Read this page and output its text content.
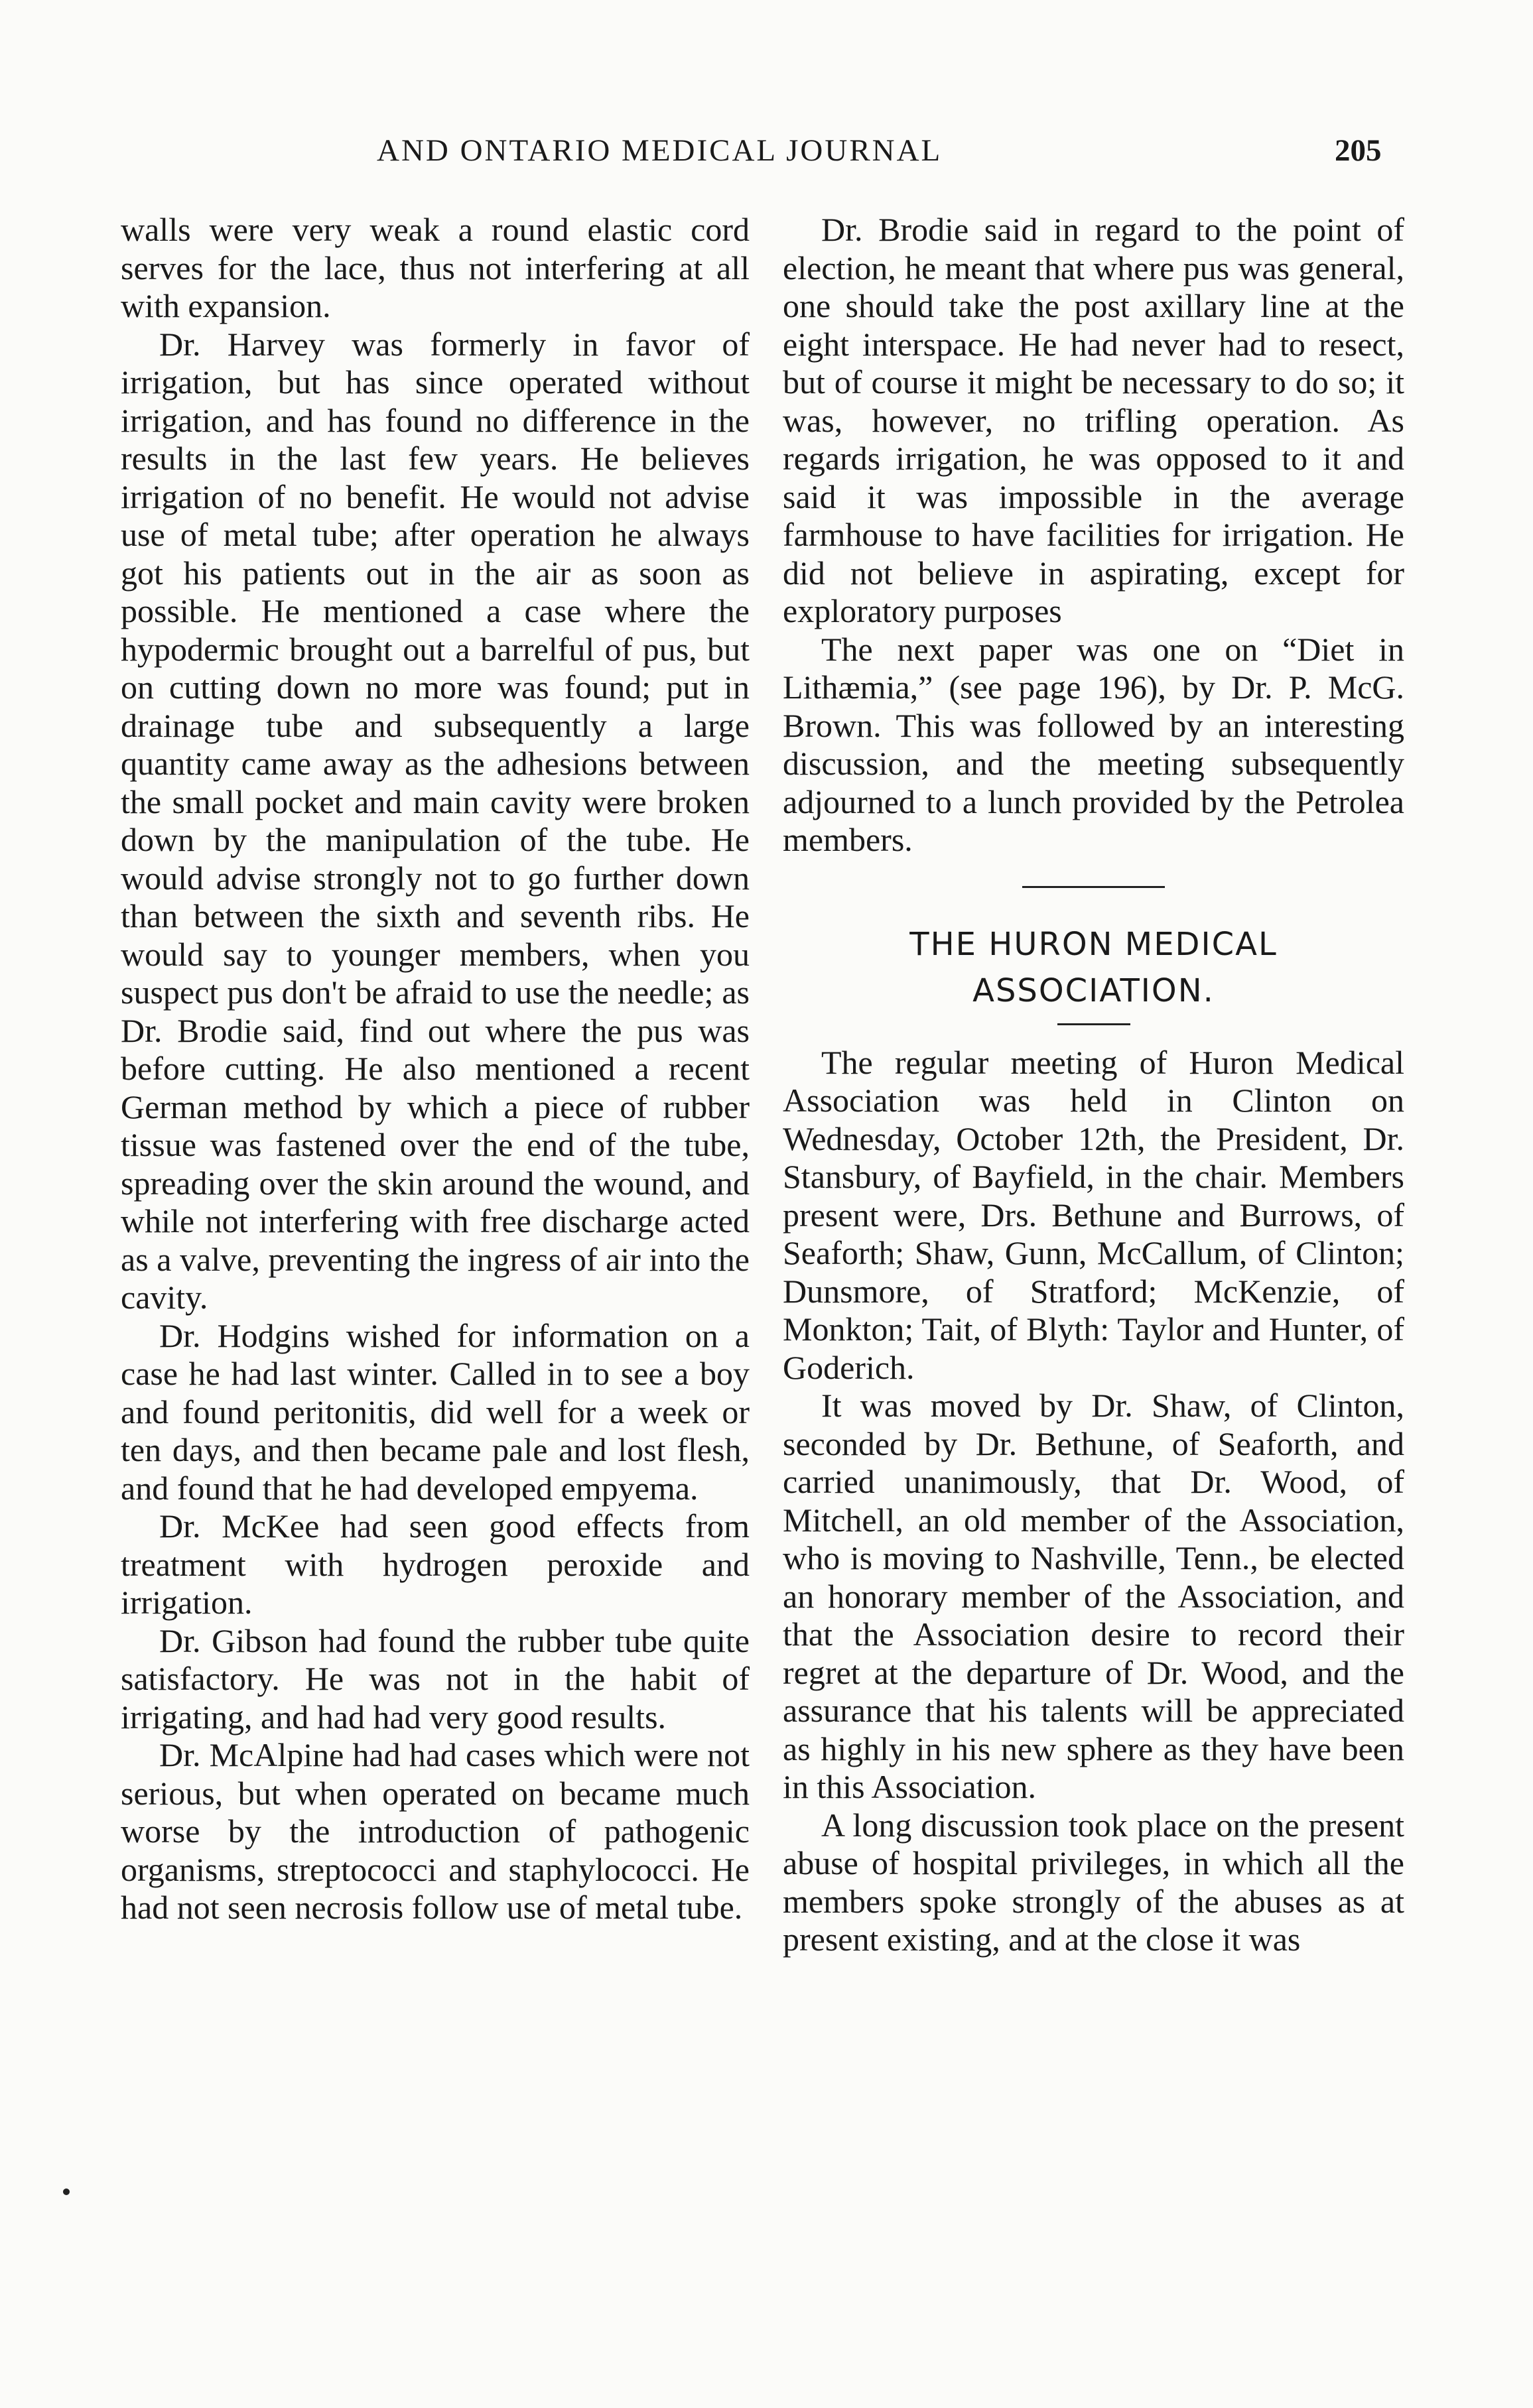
AND ONTARIO MEDICAL JOURNAL	205

walls were very weak a round elastic cord serves for the lace, thus not interfering at all with expansion.

Dr. Harvey was formerly in favor of irrigation, but has since operated without irrigation, and has found no difference in the results in the last few years. He believes irrigation of no benefit. He would not advise use of metal tube; after operation he always got his patients out in the air as soon as possible. He mentioned a case where the hypodermic brought out a barrelful of pus, but on cutting down no more was found; put in drainage tube and subsequently a large quantity came away as the adhesions between the small pocket and main cavity were broken down by the manipulation of the tube. He would advise strongly not to go further down than between the sixth and seventh ribs. He would say to younger members, when you suspect pus don't be afraid to use the needle; as Dr. Brodie said, find out where the pus was before cutting. He also mentioned a recent German method by which a piece of rubber tissue was fastened over the end of the tube, spreading over the skin around the wound, and while not interfering with free discharge acted as a valve, preventing the ingress of air into the cavity.

Dr. Hodgins wished for information on a case he had last winter. Called in to see a boy and found peritonitis, did well for a week or ten days, and then became pale and lost flesh, and found that he had developed empyema.

Dr. McKee had seen good effects from treatment with hydrogen peroxide and irrigation.

Dr. Gibson had found the rubber tube quite satisfactory. He was not in the habit of irrigating, and had had very good results.

Dr. McAlpine had had cases which were not serious, but when operated on became much worse by the introduction of pathogenic organisms, streptococci and staphylococci. He had not seen necrosis follow use of metal tube.

Dr. Brodie said in regard to the point of election, he meant that where pus was general, one should take the post axillary line at the eight interspace. He had never had to resect, but of course it might be necessary to do so; it was, however, no trifling operation. As regards irrigation, he was opposed to it and said it was impossible in the average farmhouse to have facilities for irrigation. He did not believe in aspirating, except for exploratory purposes

The next paper was one on “Diet in Lithæmia,” (see page 196), by Dr. P. McG. Brown. This was followed by an interesting discussion, and the meeting subsequently adjourned to a lunch provided by the Petrolea members.

THE HURON MEDICAL

ASSOCIATION.

The regular meeting of Huron Medical Association was held in Clinton on Wednesday, October 12th, the President, Dr. Stansbury, of Bayfield, in the chair. Members present were, Drs. Bethune and Burrows, of Seaforth; Shaw, Gunn, McCallum, of Clinton; Dunsmore, of Stratford; McKenzie, of Monkton; Tait, of Blyth: Taylor and Hunter, of Goderich.

It was moved by Dr. Shaw, of Clinton, seconded by Dr. Bethune, of Seaforth, and carried unanimously, that Dr. Wood, of Mitchell, an old member of the Association, who is moving to Nashville, Tenn., be elected an honorary member of the Association, and that the Association desire to record their regret at the departure of Dr. Wood, and the assurance that his talents will be appreciated as highly in his new sphere as they have been in this Association.

A long discussion took place on the present abuse of hospital privileges, in which all the members spoke strongly of the abuses as at present existing, and at the close it was
